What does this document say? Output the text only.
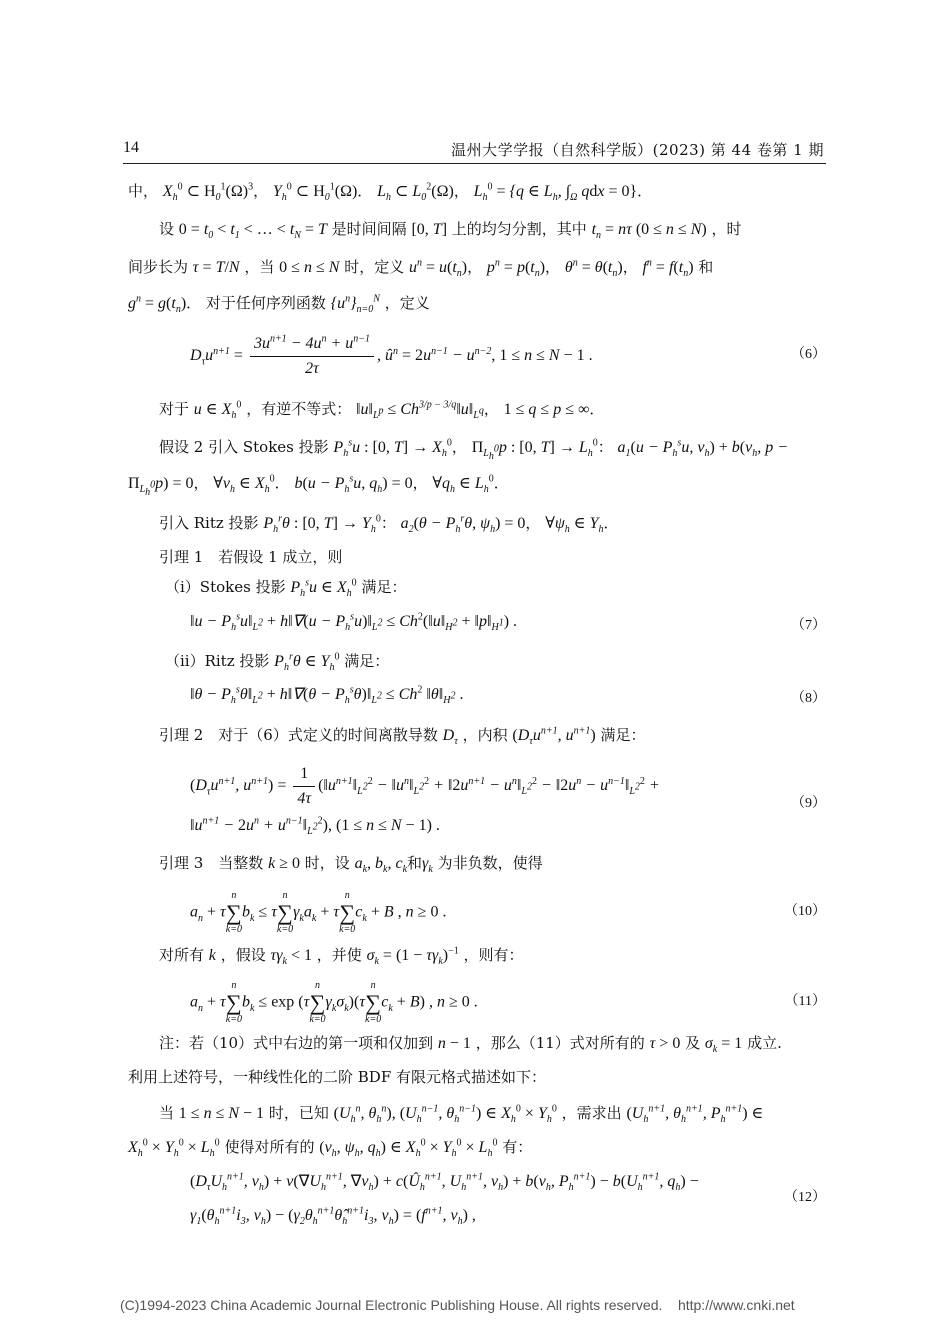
14	温州大学学报（自然科学版）(2023) 第 44 卷第 1 期
中， $X_h^0$ ⊂ $H_0^1(\Omega)^3$， $Y_h^0$ ⊂ $H_0^1(\Omega)$． $L_h$ ⊂ $L_0^2(\Omega)$， $L_h^0 = \{q$ ∈ $L_h$, $\int_\Omega$ qdx = 0}．
设 $0 = t_0 < t_1$ < … < $t_N = T$ 是时间间隔 [0, T] 上的均匀分割，其中 $t_n = n\tau$ (0 ≤ n ≤ N) ，时
间步长为 τ = T/N ，当 0 ≤ n ≤ N 时，定义 $u^n = u(t_n)$， $p^n = p(t_n)$， $\theta^n = \theta(t_n)$， $f^n = f(t_n)$ 和
$g^n = g(t_n)$． 对于任何序列函数 $\{u^n\}_{n=0}^N$ ，定义
$D_\tau u^{n+1} = \frac{3u^{n+1} - 4u^n + u^{n-1}}{2\tau}$ , $û^n = 2u^{n-1} - u^{n-2}$, 1 ≤ n ≤ N − 1 .	（6）
对于 u ∈ $X_h^0$ ，有逆不等式： $‖u‖_{L^p}$ ≤ $Ch^{3/p - 3/q}‖u‖_{L^q}$， 1 ≤ q ≤ p ≤ ∞．
假设 2 引入 Stokes 投影 $P_h^su$ : [0, $T] \to X_h^0$， $\Pi_{L_h^0}p$ : [0, $T] \to L_h^0$： $a_1(u - P_h^su$, $v_h) + b(v_h$, p −
$\Pi_{L_h^0}p) = 0$， $\forall v_h$ ∈ $X_h^0$． $b(u - P_h^su$, $q_h) = 0$， $\forall q_h$ ∈ $L_h^0$．
引入 Ritz 投影 $P_h^r\theta$ : [0, $T] \to Y_h^0$： $a_2(\theta - P_h^r\theta$, $\psi_h) = 0$， $\forall\psi_h$ ∈ $Y_h$．
引理 1　若假设 1 成立，则
（i）Stokes 投影 $P_h^su$ ∈ $X_h^0$ 满足：
‖u − $P_h^su‖_{L^2}$ + h‖∇(u − $P_h^su)‖_{L^2}$ ≤ $Ch^2(‖u‖_{H^2}$ + $‖p‖_{H^1}$) .	（7）
（ii）Ritz 投影 $P_h^r\theta$ ∈ $Y_h^0$ 满足：
‖θ − $P_h^s\theta‖_{L^2}$ + h‖∇(θ − $P_h^s\theta)‖_{L^2} \le Ch^2$ $‖\theta‖_{H^2}$ .	（8）
引理 2　对于（6）式定义的时间离散导数 $D_\tau$ ，内积 ($D_\tau u^{n+1}$, $u^{n+1}$) 满足：
($D_\tau u^{n+1}$, $u^{n+1}) = \frac{1}{4\tau}$ ($‖u^{n+1}‖_{L^2}^2$ − $‖u^n‖_{L^2}^2$ + $‖2u^{n+1}$ − $u^n‖_{L^2}^2$ − $‖2u^n$ − $u^{n-1}‖_{L^2}^2$ +
$‖u^{n+1} - 2u^n$ + $u^{n-1}‖_{L^2}^2$), (1 ≤ n ≤ N − 1) .
（9）
引理 3　当整数 k ≥ 0 时，设 $a_k$, $b_k$, $c_k$和$\gamma_k$ 为非负数，使得
$a_n + \tau$
n
∑
k=0
$b_k \le \tau$
n
∑
k=0
$\gamma_ka_k + \tau$
n
∑
k=0
$c_k + B$ , n ≥ 0 .	（10）
对所有 k ，假设 $\tau\gamma_k < 1$ ，并使 $\sigma_k = (1 - \tau\gamma_k)^{-1}$ ，则有：
$a_n + \tau$
n
∑
k=0
$b_k \le \exp (\tau$
n
∑
k=0
$\gamma_k\sigma_k)(\tau$
n
∑
k=0
$c_k + B$) , n ≥ 0 .	（11）
注：若（10）式中右边的第一项和仅加到 n − 1 ，那么（11）式对所有的 τ > 0 及 $\sigma_k = 1$ 成立.
利用上述符号，一种线性化的二阶 BDF 有限元格式描述如下：
当 1 ≤ n ≤ N − 1 时，已知 ($U_h^n$, $\theta_h^n$), ($U_h^{n-1}$, $\theta_h^{n-1}$) ∈ $X_h^0 \times Y_h^0$ ，需求出 ($U_h^{n+1}$, $\theta_h^{n+1}$, $P_h^{n+1}$) ∈
$X_h^0 \times Y_h^0 \times L_h^0$ 使得对所有的 ($v_h$, $\psi_h$, $q_h$) ∈ $X_h^0 \times Y_h^0 \times L_h^0$ 有：
($D_\tau U_h^{n+1}$, $v_h) + \nu(\nabla U_h^{n+1}$, $\nabla v_h$) + $c(Û_h^{n+1}$, $U_h^{n+1}$, $v_h) + b(v_h$, $P_h^{n+1}) - b(U_h^{n+1}$, $q_h$) −
$\gamma_1(\theta_h^{n+1}i_3$, $v_h$) − ($\gamma_2\theta_h^{n+1}\thetâ_h^{n+1}i_3$, $v_h) = (f^{n+1}$, $v_h$) ,
（12）
(C)1994-2023 China Academic Journal Electronic Publishing House. All rights reserved. http://www.cnki.net
